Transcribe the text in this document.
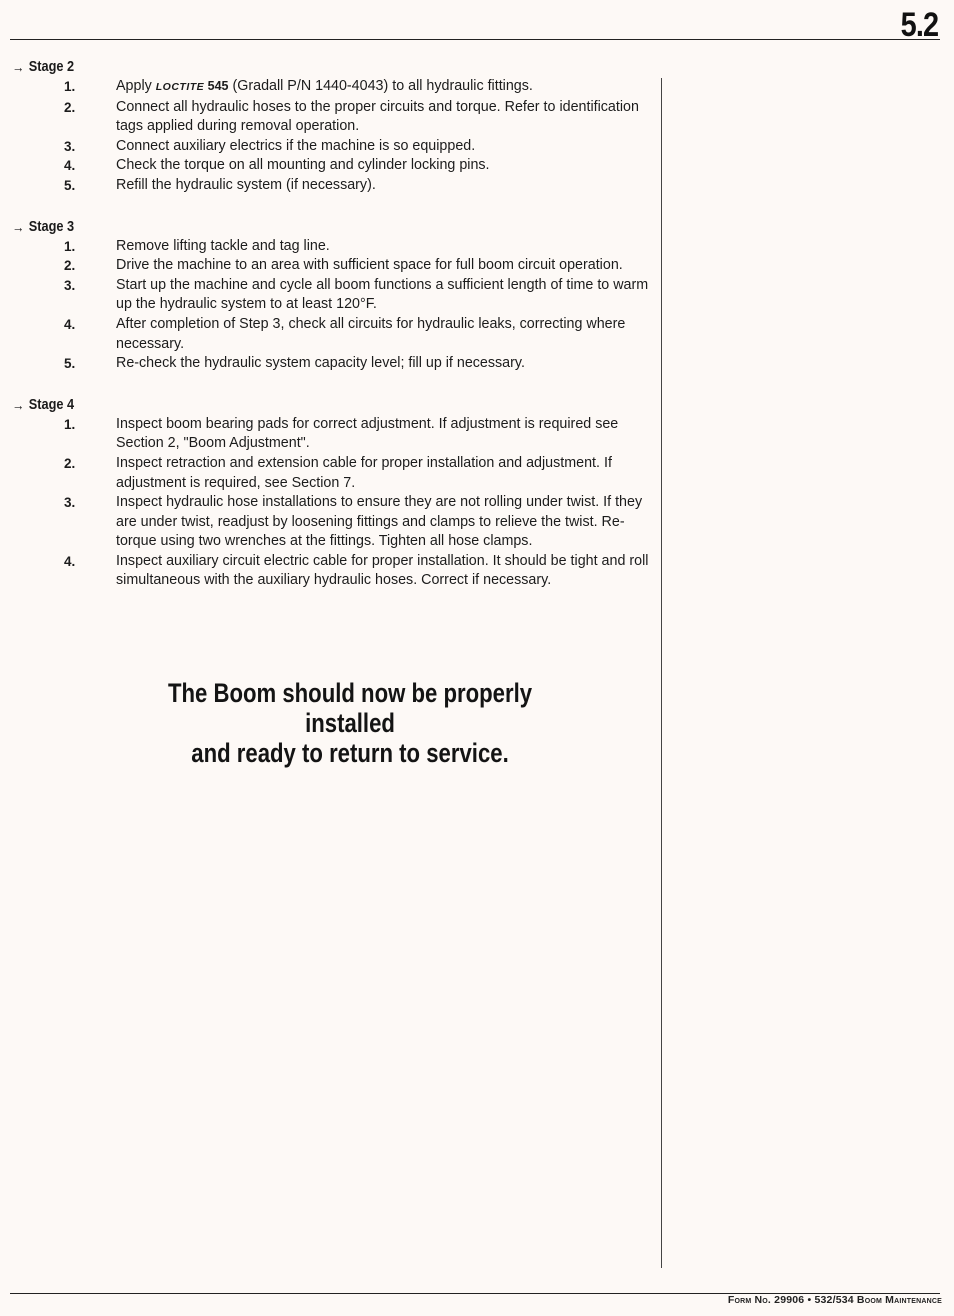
5.2
→ Stage 2
1.	Apply LOCTITE 545 (Gradall P/N 1440-4043) to all hydraulic fittings.
2.	Connect all hydraulic hoses to the proper circuits and torque. Refer to identification tags applied during removal operation.
3.	Connect auxiliary electrics if the machine is so equipped.
4.	Check the torque on all mounting and cylinder locking pins.
5.	Refill the hydraulic system (if necessary).
→ Stage 3
1.	Remove lifting tackle and tag line.
2.	Drive the machine to an area with sufficient space for full boom circuit operation.
3.	Start up the machine and cycle all boom functions a sufficient length of time to warm up the hydraulic system to at least 120°F.
4.	After completion of Step 3, check all circuits for hydraulic leaks, correcting where necessary.
5.	Re-check the hydraulic system capacity level; fill up if necessary.
→ Stage 4
1.	Inspect boom bearing pads for correct adjustment. If adjustment is required see Section 2, "Boom Adjustment".
2.	Inspect retraction and extension cable for proper installation and adjustment. If adjustment is required, see Section 7.
3.	Inspect hydraulic hose installations to ensure they are not rolling under twist. If they are under twist, readjust by loosening fittings and clamps to relieve the twist. Re-torque using two wrenches at the fittings. Tighten all hose clamps.
4.	Inspect auxiliary circuit electric cable for proper installation. It should be tight and roll simultaneous with the auxiliary hydraulic hoses. Correct if necessary.
The Boom should now be properly installed
and ready to return to service.
Form No. 29906 • 532/534 Boom Maintenance
